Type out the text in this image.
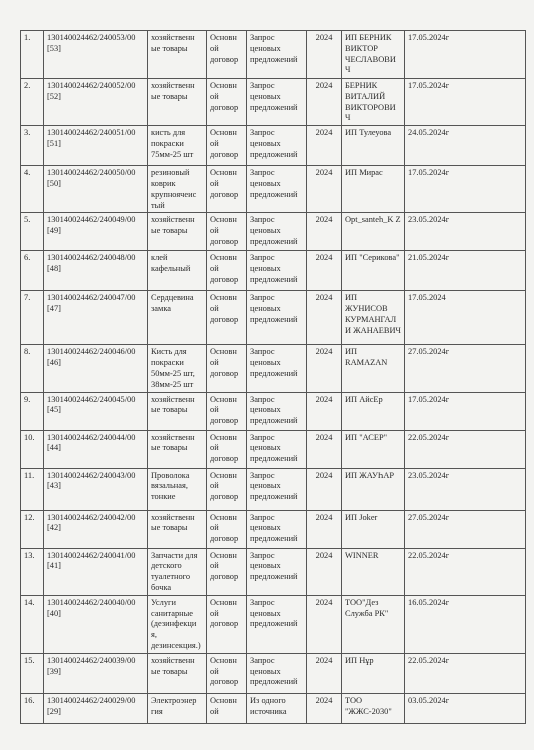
1.	130140024462/240053/00 [53]	хозяйственн ые товары	Основн ой договор	Запрос ценовых предложений	2024	ИП БЕРНИК ВИКТОР ЧЕСЛАВОВИ Ч	17.05.2024г
2.	130140024462/240052/00 [52]	хозяйственн ые товары	Основн ой договор	Запрос ценовых предложений	2024	БЕРНИК ВИТАЛИЙ ВИКТОРОВИ Ч	17.05.2024г
3.	130140024462/240051/00 [51]	кисть для покраски 75мм-25 шт	Основн ой договор	Запрос ценовых предложений	2024	ИП Тулеуова	24.05.2024г
4.	130140024462/240050/00 [50]	резиновый коврик крупноячеис тый	Основн ой договор	Запрос ценовых предложений	2024	ИП Мирас	17.05.2024г
5.	130140024462/240049/00 [49]	хозяйственн ые товары	Основн ой договор	Запрос ценовых предложений	2024	Opt_santeh_K Z	23.05.2024г
6.	130140024462/240048/00 [48]	клей кафельный	Основн ой договор	Запрос ценовых предложений	2024	ИП "Серикова"	21.05.2024г
7.	130140024462/240047/00 [47]	Сердцевина замка	Основн ой договор	Запрос ценовых предложений	2024	ИП ЖУНИСОВ КУРМАНГАЛ И ЖАНАЕВИЧ	17.05.2024
8.	130140024462/240046/00 [46]	Кисть для покраски 50мм-25 шт, 38мм-25 шт	Основн ой договор	Запрос ценовых предложений	2024	ИП RAMAZAN	27.05.2024г
9.	130140024462/240045/00 [45]	хозяйственн ые товары	Основн ой договор	Запрос ценовых предложений	2024	ИП АйсЕр	17.05.2024г
10.	130140024462/240044/00 [44]	хозяйственн ые товары	Основн ой договор	Запрос ценовых предложений	2024	ИП "АСЕР"	22.05.2024г
11.	130140024462/240043/00 [43]	Проволока вязальная, тонкие	Основн ой договор	Запрос ценовых предложений	2024	ИП ЖАУҺАР	23.05.2024г
12.	130140024462/240042/00 [42]	хозяйственн ые товары	Основн ой договор	Запрос ценовых предложений	2024	ИП Joker	27.05.2024г
13.	130140024462/240041/00 [41]	Запчасти для детского туалетного бочка	Основн ой договор	Запрос ценовых предложений	2024	WINNER	22.05.2024г
14.	130140024462/240040/00 [40]	Услуги санитарные (дезинфекци я, дезинсекция.)	Основн ой договор	Запрос ценовых предложений	2024	ТОО"Дез Служба РК"	16.05.2024г
15.	130140024462/240039/00 [39]	хозяйственн ые товары	Основн ой договор	Запрос ценовых предложений	2024	ИП Нұр	22.05.2024г
16.	130140024462/240029/00 [29]	Электроэнер гия	Основн ой	Из одного источника	2024	ТОО "ЖЖС-2030"	03.05.2024г
